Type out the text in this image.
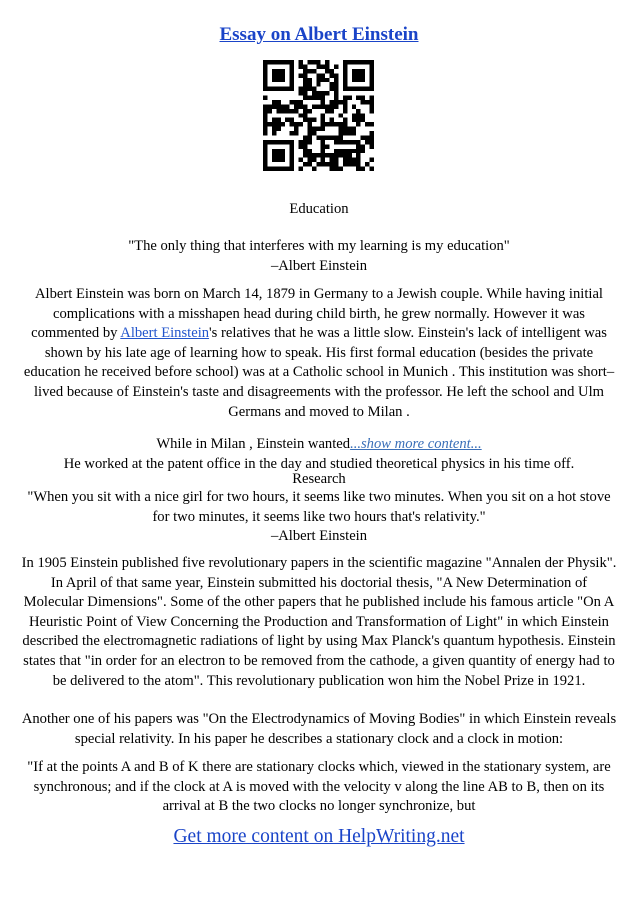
Essay on Albert Einstein
Education

"The only thing that interferes with my learning is my education"

–Albert Einstein

Albert Einstein was born on March 14, 1879 in Germany to a Jewish couple. While having initial complications with a misshapen head during child birth, he grew normally. However it was commented by Albert Einstein's relatives that he was a little slow. Einstein's lack of intelligent was shown by his late age of learning how to speak. His first formal education (besides the private education he received before school) was at a Catholic school in Munich . This institution was short–lived because of Einstein's taste and disagreements with the professor. He left the school and Ulm Germans and moved to Milan .
While in Milan , Einstein wanted...show more content...
He worked at the patent office in the day and studied theoretical physics in his time off.
Research

"When you sit with a nice girl for two hours, it seems like two minutes. When you sit on a hot stove for two minutes, it seems like two hours that's relativity."

–Albert Einstein

In 1905 Einstein published five revolutionary papers in the scientific magazine "Annalen der Physik". In April of that same year, Einstein submitted his doctorial thesis, "A New Determination of Molecular Dimensions". Some of the other papers that he published include his famous article "On A Heuristic Point of View Concerning the Production and Transformation of Light" in which Einstein described the electromagnetic radiations of light by using Max Planck's quantum hypothesis. Einstein states that "in order for an electron to be removed from the cathode, a given quantity of energy had to be delivered to the atom". This revolutionary publication won him the Nobel Prize in 1921.
Another one of his papers was "On the Electrodynamics of Moving Bodies" in which Einstein reveals special relativity. In his paper he describes a stationary clock and a clock in motion:
"If at the points A and B of K there are stationary clocks which, viewed in the stationary system, are synchronous; and if the clock at A is moved with the velocity v along the line AB to B, then on its arrival at B the two clocks no longer synchronize, but
Get more content on HelpWriting.net
